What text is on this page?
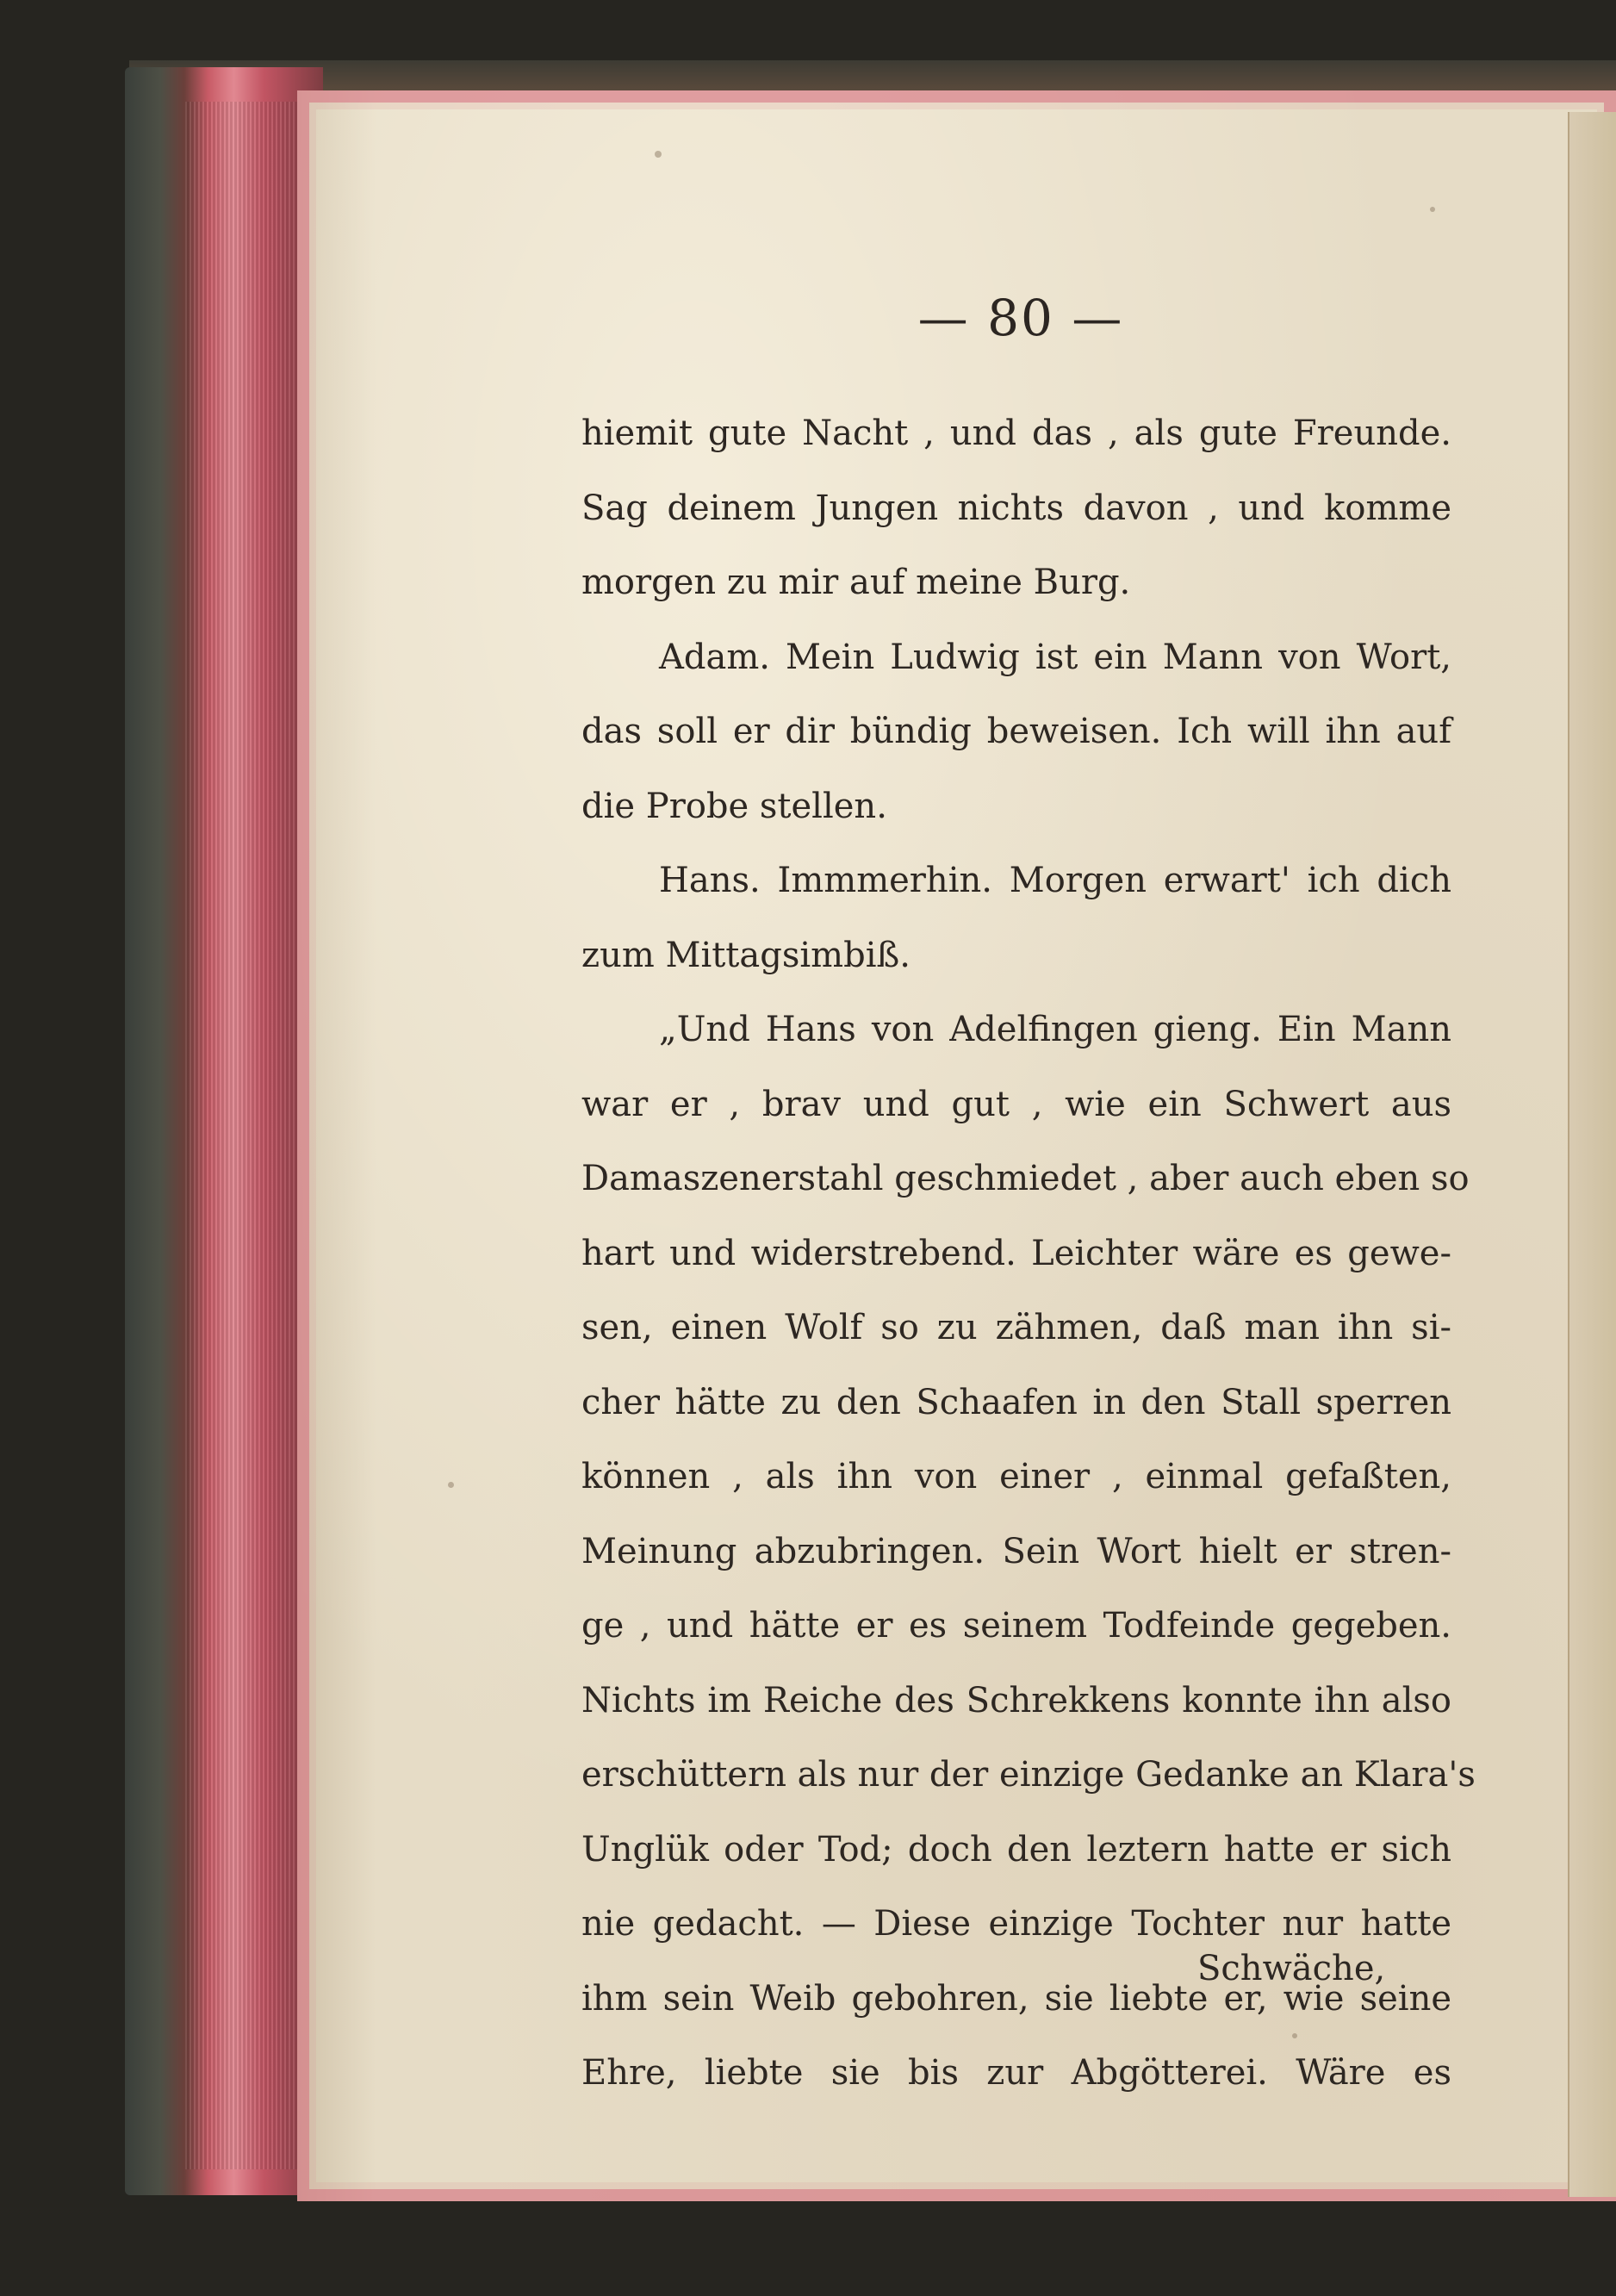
— 80 —
hiemit gute Nacht , und das , als gute Freunde.
Sag deinem Jungen nichts davon , und komme
morgen zu mir auf meine Burg.
Adam. Mein Ludwig ist ein Mann von Wort,
das soll er dir bündig beweisen. Ich will ihn auf
die Probe stellen.
Hans. Immmerhin. Morgen erwart' ich dich
zum Mittagsimbiß.
„Und Hans von Adelfingen gieng. Ein Mann
war er , brav und gut , wie ein Schwert aus
Damaszenerstahl geschmiedet , aber auch eben so
hart und widerstrebend. Leichter wäre es gewe-
sen, einen Wolf so zu zähmen, daß man ihn si-
cher hätte zu den Schaafen in den Stall sperren
können , als ihn von einer , einmal gefaßten,
Meinung abzubringen. Sein Wort hielt er stren-
ge , und hätte er es seinem Todfeinde gegeben.
Nichts im Reiche des Schrekkens konnte ihn also
erschüttern als nur der einzige Gedanke an Klara's
Unglük oder Tod; doch den leztern hatte er sich
nie gedacht. — Diese einzige Tochter nur hatte
ihm sein Weib gebohren, sie liebte er, wie seine
Ehre, liebte sie bis zur Abgötterei. Wäre es
Schwäche,
